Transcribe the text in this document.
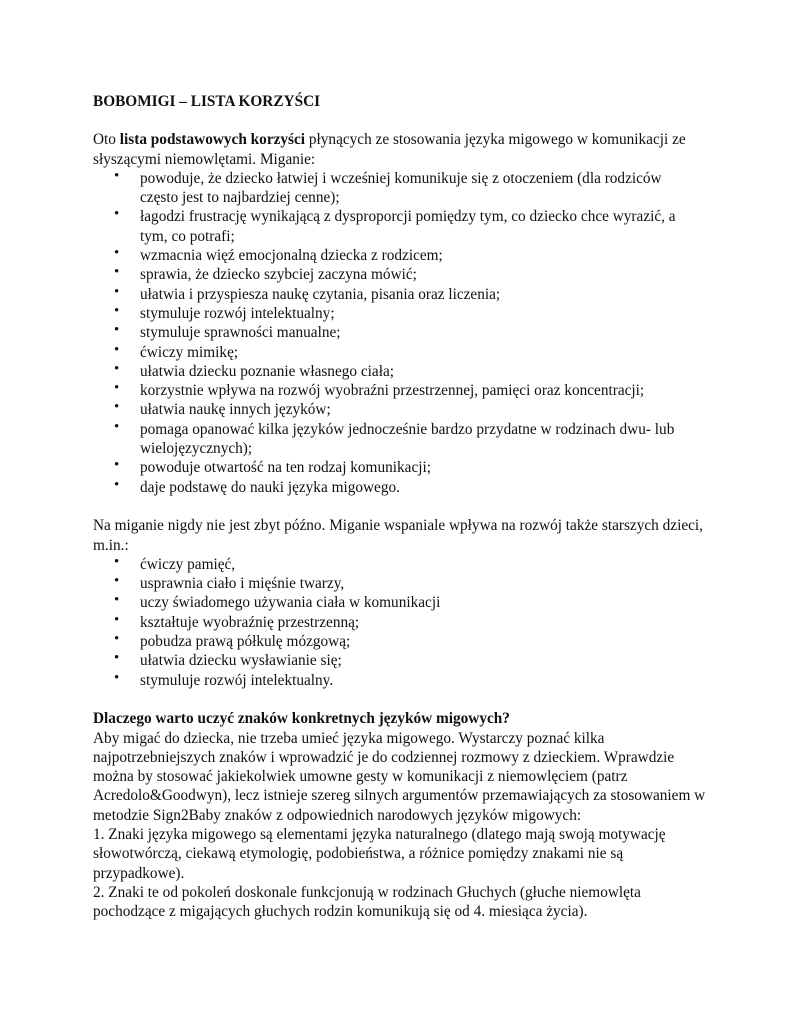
BOBOMIGI – LISTA KORZYŚCI

Oto lista podstawowych korzyści płynących ze stosowania języka migowego w komunikacji ze słyszącymi niemowlętami. Miganie:

• powoduje, że dziecko łatwiej i wcześniej komunikuje się z otoczeniem (dla rodziców często jest to najbardziej cenne);
• łagodzi frustrację wynikającą z dysproporcji pomiędzy tym, co dziecko chce wyrazić, a tym, co potrafi;
• wzmacnia więź emocjonalną dziecka z rodzicem;
• sprawia, że dziecko szybciej zaczyna mówić;
• ułatwia i przyspiesza naukę czytania, pisania oraz liczenia;
• stymuluje rozwój intelektualny;
• stymuluje sprawności manualne;
• ćwiczy mimikę;
• ułatwia dziecku poznanie własnego ciała;
• korzystnie wpływa na rozwój wyobraźni przestrzennej, pamięci oraz koncentracji;
• ułatwia naukę innych języków;
• pomaga opanować kilka języków jednocześnie bardzo przydatne w rodzinach dwu- lub wielojęzycznych);
• powoduje otwartość na ten rodzaj komunikacji;
• daje podstawę do nauki języka migowego.

Na miganie nigdy nie jest zbyt późno. Miganie wspaniale wpływa na rozwój także starszych dzieci, m.in.:

• ćwiczy pamięć,
• usprawnia ciało i mięśnie twarzy,
• uczy świadomego używania ciała w komunikacji
• kształtuje wyobraźnię przestrzenną;
• pobudza prawą półkulę mózgową;
• ułatwia dziecku wysławianie się;
• stymuluje rozwój intelektualny.

Dlaczego warto uczyć znaków konkretnych języków migowych?

Aby migać do dziecka, nie trzeba umieć języka migowego. Wystarczy poznać kilka najpotrzebniejszych znaków i wprowadzić je do codziennej rozmowy z dzieckiem. Wprawdzie można by stosować jakiekolwiek umowne gesty w komunikacji z niemowlęciem (patrz Acredolo&Goodwyn), lecz istnieje szereg silnych argumentów przemawiających za stosowaniem w metodzie Sign2Baby znaków z odpowiednich narodowych języków migowych:

1. Znaki języka migowego są elementami języka naturalnego (dlatego mają swoją motywację słowotwórczą, ciekawą etymologię, podobieństwa, a różnice pomiędzy znakami nie są przypadkowe).

2. Znaki te od pokoleń doskonale funkcjonują w rodzinach Głuchych (głuche niemowlęta pochodzące z migających głuchych rodzin komunikują się od 4. miesiąca życia).
